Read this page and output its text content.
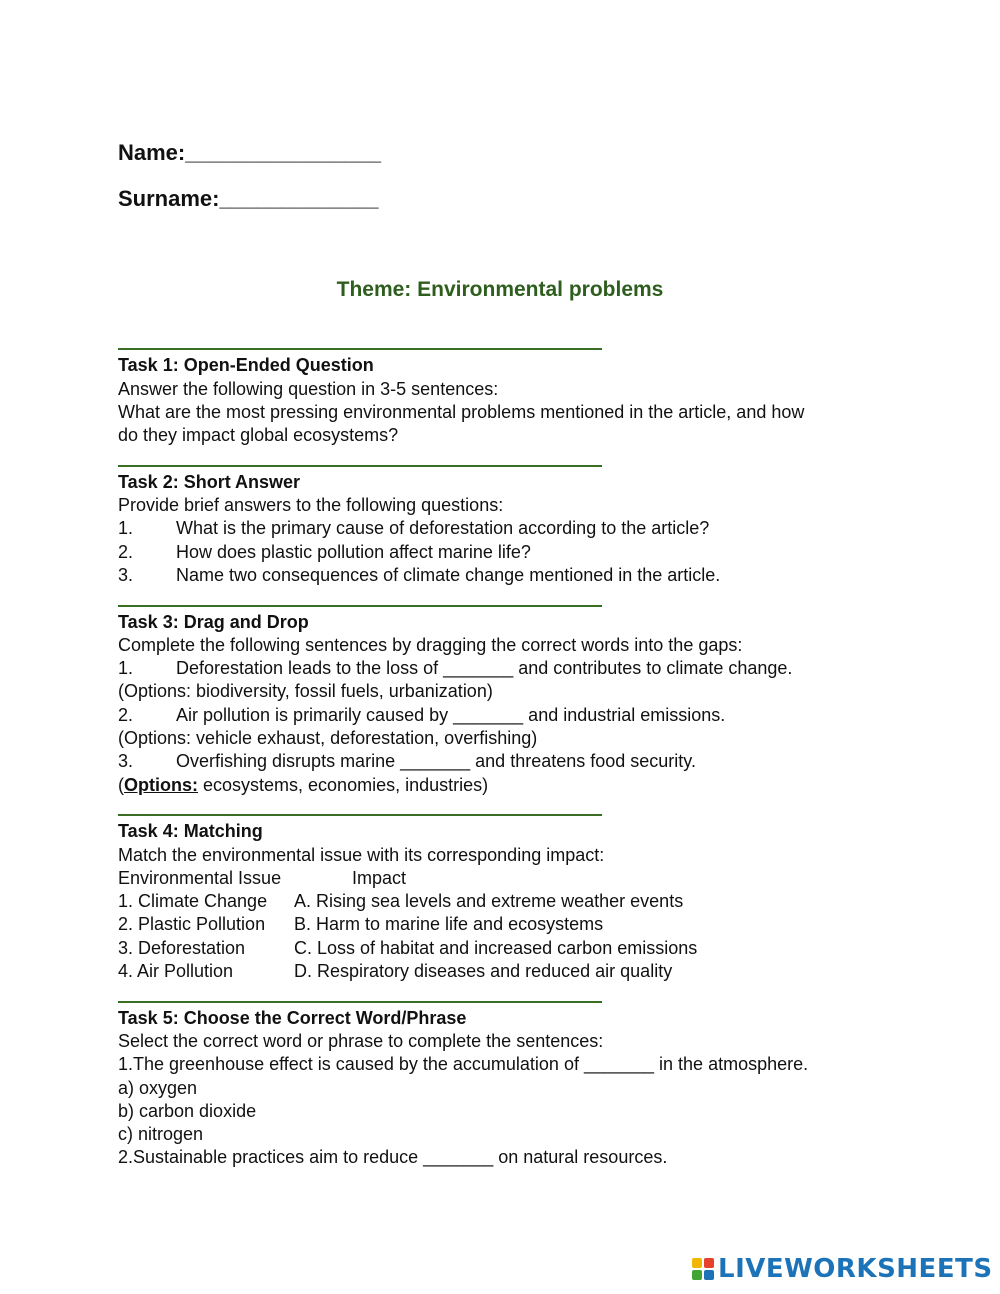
Name:________________
Surname:_____________
Theme: Environmental problems
Task 1: Open-Ended Question
Answer the following question in 3-5 sentences:
What are the most pressing environmental problems mentioned in the article, and how
do they impact global ecosystems?
Task 2: Short Answer
Provide brief answers to the following questions:
1. What is the primary cause of deforestation according to the article?
2. How does plastic pollution affect marine life?
3. Name two consequences of climate change mentioned in the article.
Task 3: Drag and Drop
Complete the following sentences by dragging the correct words into the gaps:
1. Deforestation leads to the loss of _______ and contributes to climate change.
(Options: biodiversity, fossil fuels, urbanization)
2. Air pollution is primarily caused by _______ and industrial emissions.
(Options: vehicle exhaust, deforestation, overfishing)
3. Overfishing disrupts marine _______ and threatens food security.
(Options: ecosystems, economies, industries)
Task 4: Matching
Match the environmental issue with its corresponding impact:
Environmental Issue	Impact
1. Climate Change A. Rising sea levels and extreme weather events
2. Plastic Pollution B. Harm to marine life and ecosystems
3. Deforestation	C. Loss of habitat and increased carbon emissions
4. Air Pollution	D. Respiratory diseases and reduced air quality
Task 5: Choose the Correct Word/Phrase
Select the correct word or phrase to complete the sentences:
1.The greenhouse effect is caused by the accumulation of _______ in the atmosphere.
a) oxygen
b) carbon dioxide
c) nitrogen
2.Sustainable practices aim to reduce _______ on natural resources.
LIVEWORKSHEETS
